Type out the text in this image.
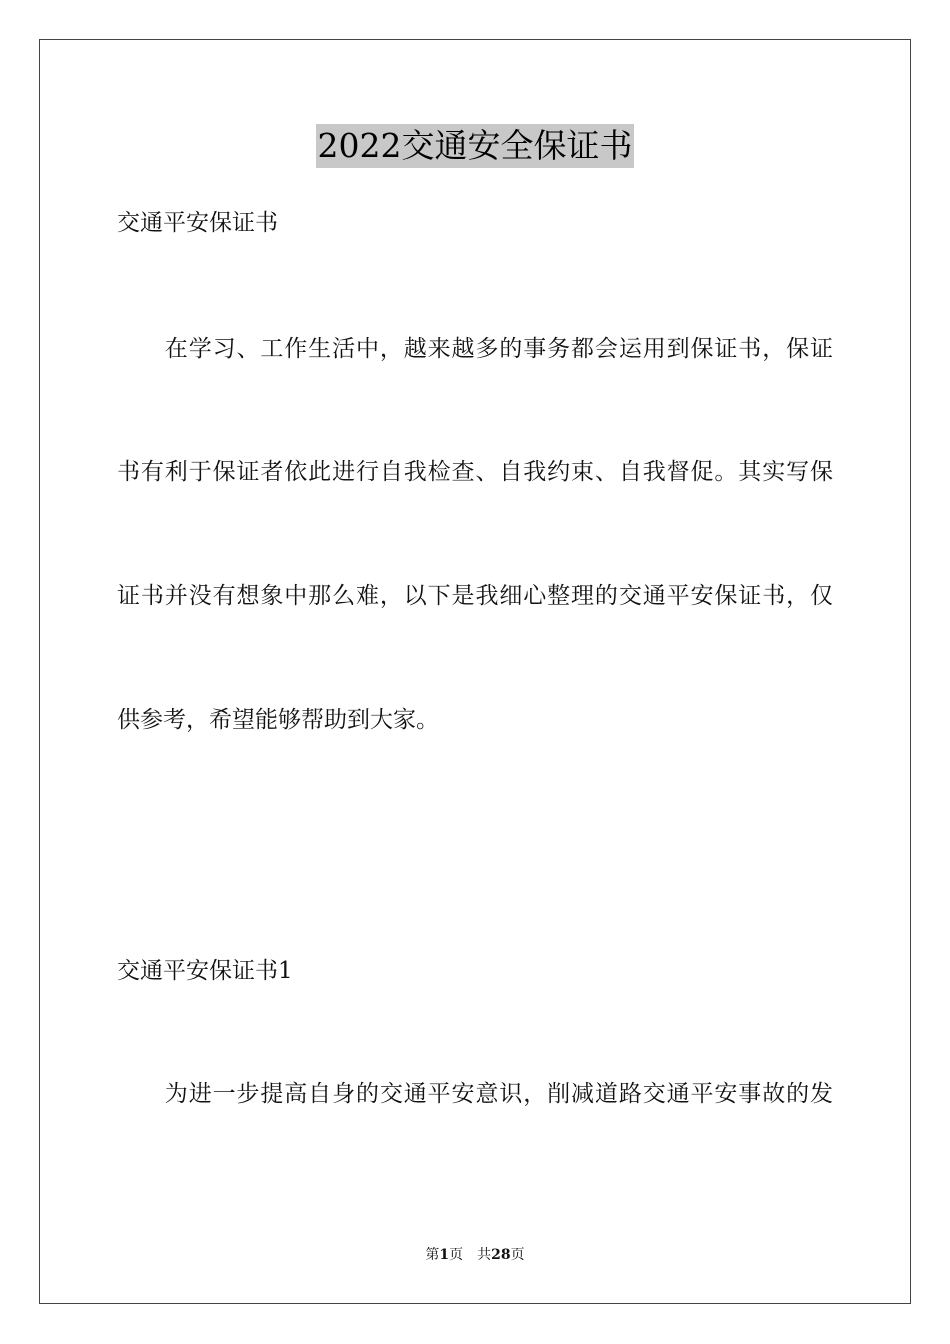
2022交通安全保证书
交通平安保证书
　　在学习、工作生活中，越来越多的事务都会运用到保证书，保证
书有利于保证者依此进行自我检查、自我约束、自我督促。其实写保
证书并没有想象中那么难，以下是我细心整理的交通平安保证书，仅
供参考，希望能够帮助到大家。
交通平安保证书1
　　为进一步提高自身的交通平安意识，削减道路交通平安事故的发
第1页 共28页
